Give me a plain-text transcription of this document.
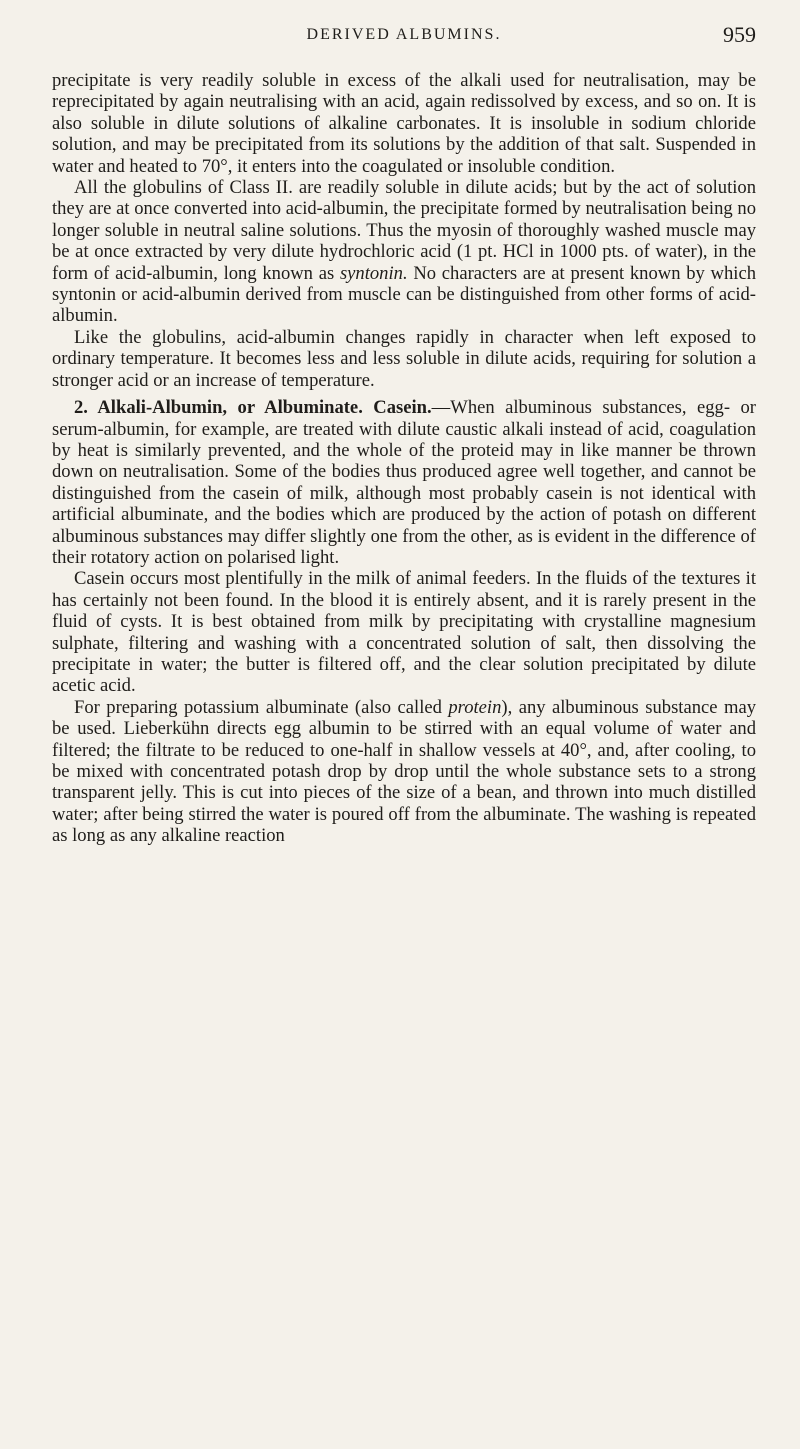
DERIVED ALBUMINS.	959

precipitate is very readily soluble in excess of the alkali used for neutralisation, may be reprecipitated by again neutralising with an acid, again redissolved by excess, and so on. It is also soluble in dilute solutions of alkaline carbonates. It is insoluble in sodium chloride solution, and may be precipitated from its solutions by the addition of that salt. Suspended in water and heated to 70°, it enters into the coagulated or insoluble condition.

All the globulins of Class II. are readily soluble in dilute acids; but by the act of solution they are at once converted into acid-albumin, the precipitate formed by neutralisation being no longer soluble in neutral saline solutions. Thus the myosin of thoroughly washed muscle may be at once extracted by very dilute hydrochloric acid (1 pt. HCl in 1000 pts. of water), in the form of acid-albumin, long known as syntonin. No characters are at present known by which syntonin or acid-albumin derived from muscle can be distinguished from other forms of acid-albumin.

Like the globulins, acid-albumin changes rapidly in character when left exposed to ordinary temperature. It becomes less and less soluble in dilute acids, requiring for solution a stronger acid or an increase of temperature.

2. Alkali-Albumin, or Albuminate. Casein.—When albuminous substances, egg- or serum-albumin, for example, are treated with dilute caustic alkali instead of acid, coagulation by heat is similarly prevented, and the whole of the proteid may in like manner be thrown down on neutralisation. Some of the bodies thus produced agree well together, and cannot be distinguished from the casein of milk, although most probably casein is not identical with artificial albuminate, and the bodies which are produced by the action of potash on different albuminous substances may differ slightly one from the other, as is evident in the difference of their rotatory action on polarised light.

Casein occurs most plentifully in the milk of animal feeders. In the fluids of the textures it has certainly not been found. In the blood it is entirely absent, and it is rarely present in the fluid of cysts. It is best obtained from milk by precipitating with crystalline magnesium sulphate, filtering and washing with a concentrated solution of salt, then dissolving the precipitate in water; the butter is filtered off, and the clear solution precipitated by dilute acetic acid.

For preparing potassium albuminate (also called protein), any albuminous substance may be used. Lieberkühn directs egg albumin to be stirred with an equal volume of water and filtered; the filtrate to be reduced to one-half in shallow vessels at 40°, and, after cooling, to be mixed with concentrated potash drop by drop until the whole substance sets to a strong transparent jelly. This is cut into pieces of the size of a bean, and thrown into much distilled water; after being stirred the water is poured off from the albuminate. The washing is repeated as long as any alkaline reaction
